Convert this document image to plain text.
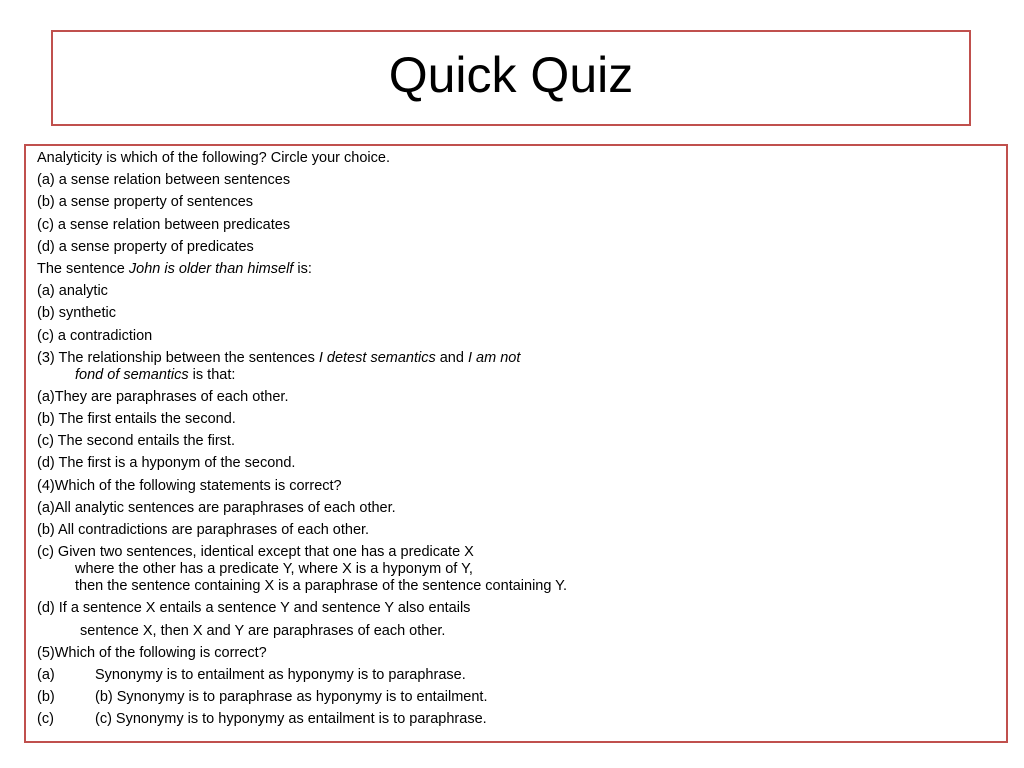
Quick Quiz
Analyticity is which of the following? Circle your choice.
(a) a sense relation between sentences
(b) a sense property of sentences
(c) a sense relation between predicates
(d) a sense property of predicates
The sentence John is older than himself is:
(a) analytic
(b) synthetic
(c) a contradiction
(3) The relationship between the sentences I detest semantics and I am not
fond of semantics is that:
(a)They are paraphrases of each other.
(b) The first entails the second.
(c) The second entails the first.
(d) The first is a hyponym of the second.
(4)Which of the following statements is correct?
(a)All analytic sentences are paraphrases of each other.
(b) All contradictions are paraphrases of each other.
(c) Given two sentences, identical except that one has a predicate X
where the other has a predicate Y, where X is a hyponym of Y,
then the sentence containing X is a paraphrase of the sentence containing Y.
(d) If a sentence X entails a sentence Y and sentence Y also entails
sentence X, then X and Y are paraphrases of each other.
(5)Which of the following is correct?
(a)	Synonymy is to entailment as hyponymy is to paraphrase.
(b)	(b) Synonymy is to paraphrase as hyponymy is to entailment.
(c)	(c) Synonymy is to hyponymy as entailment is to paraphrase.
